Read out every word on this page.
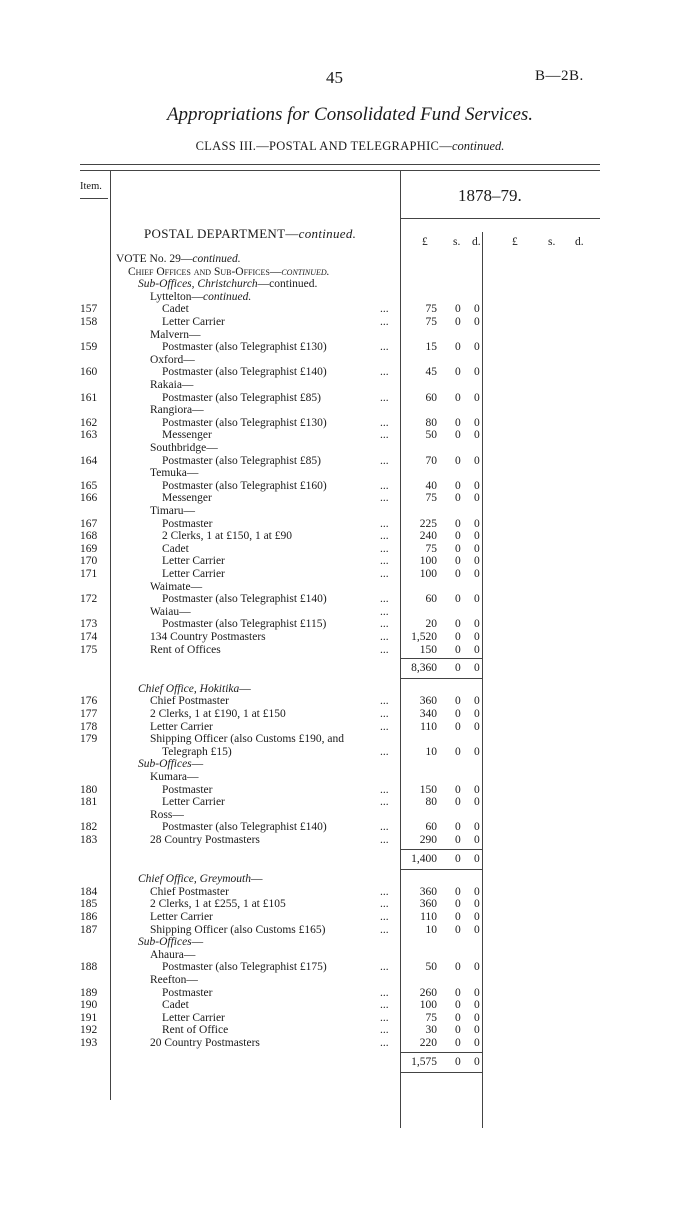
45	B—2B.
Appropriations for Consolidated Fund Services.
CLASS III.—POSTAL AND TELEGRAPHIC—continued.
Item.	1878–79.
POSTAL DEPARTMENT—continued.
£ s. d.	£	s. d.
VOTE No. 29—continued.
Chief Offices and Sub-Offices—continued.
Sub-Offices, Christchurch—continued.
Lyttelton—continued.
157	Cadet	...	75 0 0
158	Letter Carrier	...	75 0 0
Malvern—
159	Postmaster (also Telegraphist £130)	...	15 0 0
Oxford—
160	Postmaster (also Telegraphist £140)	...	45 0 0
Rakaia—
161	Postmaster (also Telegraphist £85)	...	60 0 0
Rangiora—
162	Postmaster (also Telegraphist £130)	...	80 0 0
163	Messenger	...	50 0 0
Southbridge—
164	Postmaster (also Telegraphist £85)	...	70 0 0
Temuka—
165	Postmaster (also Telegraphist £160)	...	40 0 0
166	Messenger	...	75 0 0
Timaru—
167	Postmaster	...	225 0 0
168	2 Clerks, 1 at £150, 1 at £90	...	240 0 0
169	Cadet	...	75 0 0
170	Letter Carrier	...	100 0 0
171	Letter Carrier	...	100 0 0
Waimate—
172	Postmaster (also Telegraphist £140)	...	60 0 0
Waiau—	...
173	Postmaster (also Telegraphist £115)	...	20 0 0
174	134 Country Postmasters	... 1,520 0 0
175	Rent of Offices	...	150 0 0
8,360 0 0
Chief Office, Hokitika—
176	Chief Postmaster	...	360 0 0
177	2 Clerks, 1 at £190, 1 at £150	...	340 0 0
178	Letter Carrier	...	110 0 0
179	Shipping Officer (also Customs £190, and
Telegraph £15)	...	10 0 0
Sub-Offices—
Kumara—
180	Postmaster	...	150 0 0
181	Letter Carrier	...	80 0 0
Ross—
182	Postmaster (also Telegraphist £140)	...	60 0 0
183	28 Country Postmasters	...	290 0 0
1,400 0 0
Chief Office, Greymouth—
184	Chief Postmaster	...	360 0 0
185	2 Clerks, 1 at £255, 1 at £105	...	360 0 0
186	Letter Carrier	...	110 0 0
187	Shipping Officer (also Customs £165)	...	10 0 0
Sub-Offices—
Ahaura—
188	Postmaster (also Telegraphist £175)	...	50 0 0
Reefton—
189	Postmaster	...	260 0 0
190	Cadet	...	100 0 0
191	Letter Carrier	...	75 0 0
192	Rent of Office	...	30 0 0
193	20 Country Postmasters	...	220 0 0
1,575 0 0
